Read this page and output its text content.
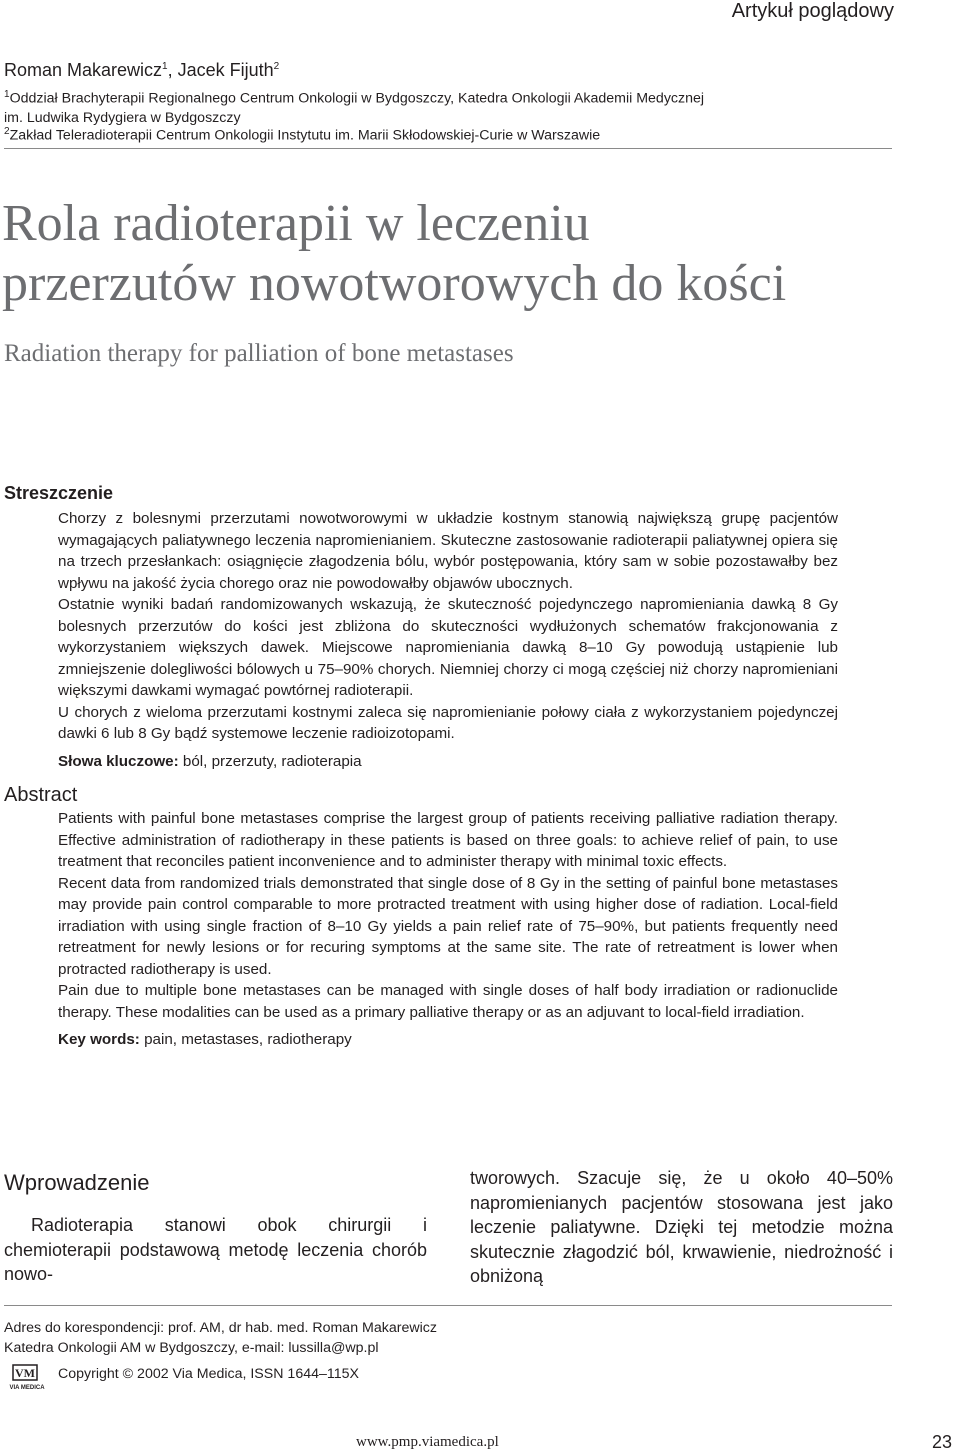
Artykuł poglądowy
Roman Makarewicz$^1$, Jacek Fijuth$^2$
$^1$Oddział Brachyterapii Regionalnego Centrum Onkologii w Bydgoszczy, Katedra Onkologii Akademii Medycznej
im. Ludwika Rydygiera w Bydgoszczy
$^2$Zakład Teleradioterapii Centrum Onkologii Instytutu im. Marii Skłodowskiej-Curie w Warszawie
Rola radioterapii w leczeniu
przerzutów nowotworowych do kości
Radiation therapy for palliation of bone metastases
Streszczenie

Chorzy z bolesnymi przerzutami nowotworowymi w układzie kostnym stanowią największą grupę pacjentów wymagających paliatywnego leczenia napromienianiem. Skuteczne zastosowanie radioterapii paliatywnej opiera się na trzech przesłankach: osiągnięcie złagodzenia bólu, wybór postępowania, który sam w sobie pozostawałby bez wpływu na jakość życia chorego oraz nie powodowałby objawów ubocznych.

Ostatnie wyniki badań randomizowanych wskazują, że skuteczność pojedynczego napromieniania dawką 8 Gy bolesnych przerzutów do kości jest zbliżona do skuteczności wydłużonych schematów frakcjonowania z wykorzystaniem większych dawek. Miejscowe napromieniania dawką 8–10 Gy powodują ustąpienie lub zmniejszenie dolegliwości bólowych u 75–90% chorych. Niemniej chorzy ci mogą częściej niż chorzy napromieniani większymi dawkami wymagać powtórnej radioterapii.

U chorych z wieloma przerzutami kostnymi zaleca się napromienianie połowy ciała z wykorzystaniem pojedynczej dawki 6 lub 8 Gy bądź systemowe leczenie radioizotopami.

Słowa kluczowe: ból, przerzuty, radioterapia

Abstract

Patients with painful bone metastases comprise the largest group of patients receiving palliative radiation therapy. Effective administration of radiotherapy in these patients is based on three goals: to achieve relief of pain, to use treatment that reconciles patient inconvenience and to administer therapy with minimal toxic effects.

Recent data from randomized trials demonstrated that single dose of 8 Gy in the setting of painful bone metastases may provide pain control comparable to more protracted treatment with using higher dose of radiation. Local-field irradiation with using single fraction of 8–10 Gy yields a pain relief rate of 75–90%, but patients frequently need retreatment for newly lesions or for recuring symptoms at the same site. The rate of retreatment is lower when protracted radiotherapy is used.

Pain due to multiple bone metastases can be managed with single doses of half body irradiation or radionuclide therapy. These modalities can be used as a primary palliative therapy or as an adjuvant to local-field irradiation.

Key words: pain, metastases, radiotherapy

Wprowadzenie
Radioterapia stanowi obok chirurgii i chemioterapii podstawową metodę leczenia chorób nowo-
tworowych. Szacuje się, że u około 40–50% napromienianych pacjentów stosowana jest jako leczenie paliatywne. Dzięki tej metodzie można skutecznie złagodzić ból, krwawienie, niedrożność i obniżoną
Adres do korespondencji: prof. AM, dr hab. med. Roman Makarewicz
Katedra Onkologii AM w Bydgoszczy, e-mail: lussilla@wp.pl
VM
VIA MEDICA
Copyright © 2002 Via Medica, ISSN 1644–115X
www.pmp.viamedica.pl	23
